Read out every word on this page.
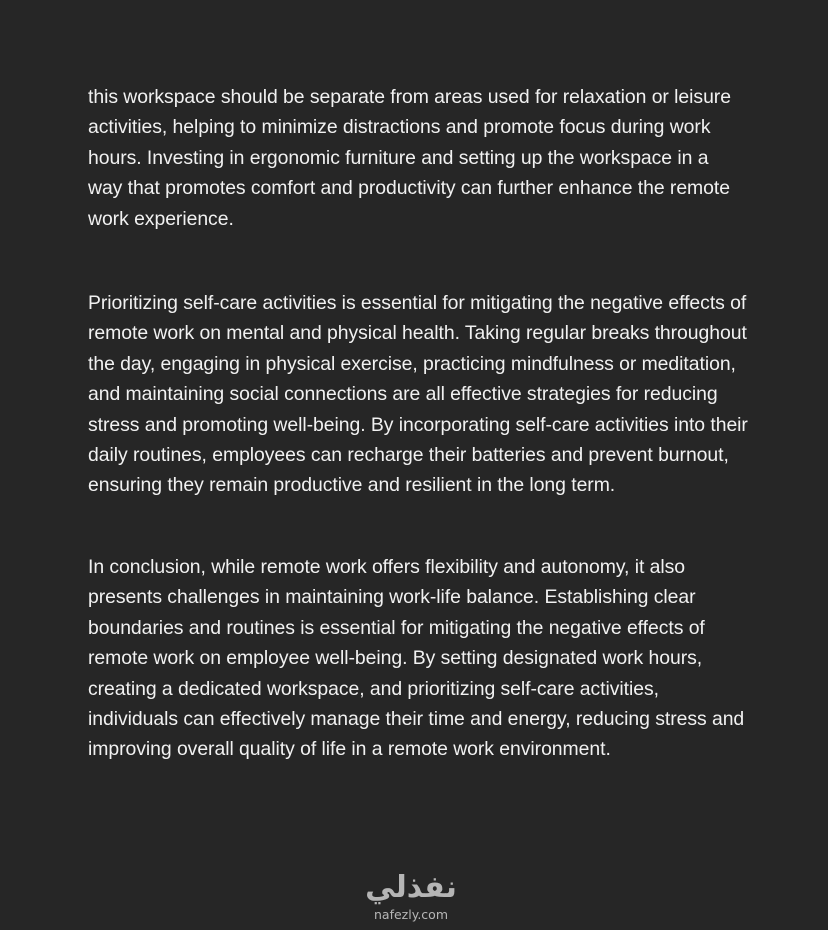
this workspace should be separate from areas used for relaxation or leisure activities, helping to minimize distractions and promote focus during work hours. Investing in ergonomic furniture and setting up the workspace in a way that promotes comfort and productivity can further enhance the remote work experience.

Prioritizing self-care activities is essential for mitigating the negative effects of remote work on mental and physical health. Taking regular breaks throughout the day, engaging in physical exercise, practicing mindfulness or meditation, and maintaining social connections are all effective strategies for reducing stress and promoting well-being. By incorporating self-care activities into their daily routines, employees can recharge their batteries and prevent burnout, ensuring they remain productive and resilient in the long term.

In conclusion, while remote work offers flexibility and autonomy, it also presents challenges in maintaining work-life balance. Establishing clear boundaries and routines is essential for mitigating the negative effects of remote work on employee well-being. By setting designated work hours, creating a dedicated workspace, and prioritizing self-care activities, individuals can effectively manage their time and energy, reducing stress and improving overall quality of life in a remote work environment.

نفذلي
nafezly.com
